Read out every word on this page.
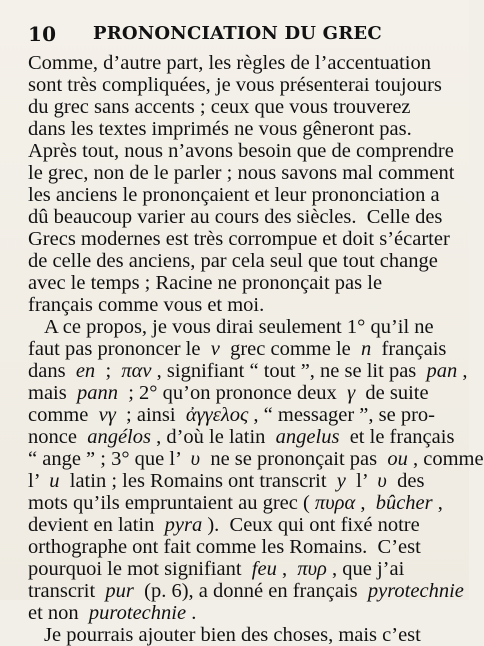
10 PRONONCIATION DU GREC
Comme, d’autre part, les règles de l’accentuation
sont très compliquées, je vous présenterai toujours
du grec sans accents ; ceux que vous trouverez
dans les textes imprimés ne vous gêneront pas.
Après tout, nous n’avons besoin que de comprendre
le grec, non de le parler ; nous savons mal comment
les anciens le prononçaient et leur prononciation a
dû beaucoup varier au cours des siècles.  Celle des
Grecs modernes est très corrompue et doit s’écarter
de celle des anciens, par cela seul que tout change
avec le temps ; Racine ne prononçait pas le
français comme vous et moi.
A ce propos, je vous dirai seulement 1° qu’il ne
faut pas prononcer le  ν  grec comme le  n  français
dans  en  ;  παν , signifiant “ tout ”, ne se lit pas  pan ,
mais  pann  ; 2° qu’on prononce deux  γ  de suite
comme  νγ  ; ainsi  ἀγγελος , “ messager ”, se pro-
nonce  angélos , d’où le latin  angelus  et le français
“ ange ” ; 3° que l’  υ  ne se prononçait pas  ou , comme
l’  u  latin ; les Romains ont transcrit  y  l’  υ  des
mots qu’ils empruntaient au grec ( πυρα ,  bûcher ,
devient en latin  pyra ).  Ceux qui ont fixé notre
orthographe ont fait comme les Romains.  C’est
pourquoi le mot signifiant  feu ,  πυρ , que j’ai
transcrit  pur  (p. 6), a donné en français  pyrotechnie
et non  purotechnie .
Je pourrais ajouter bien des choses, mais c’est
